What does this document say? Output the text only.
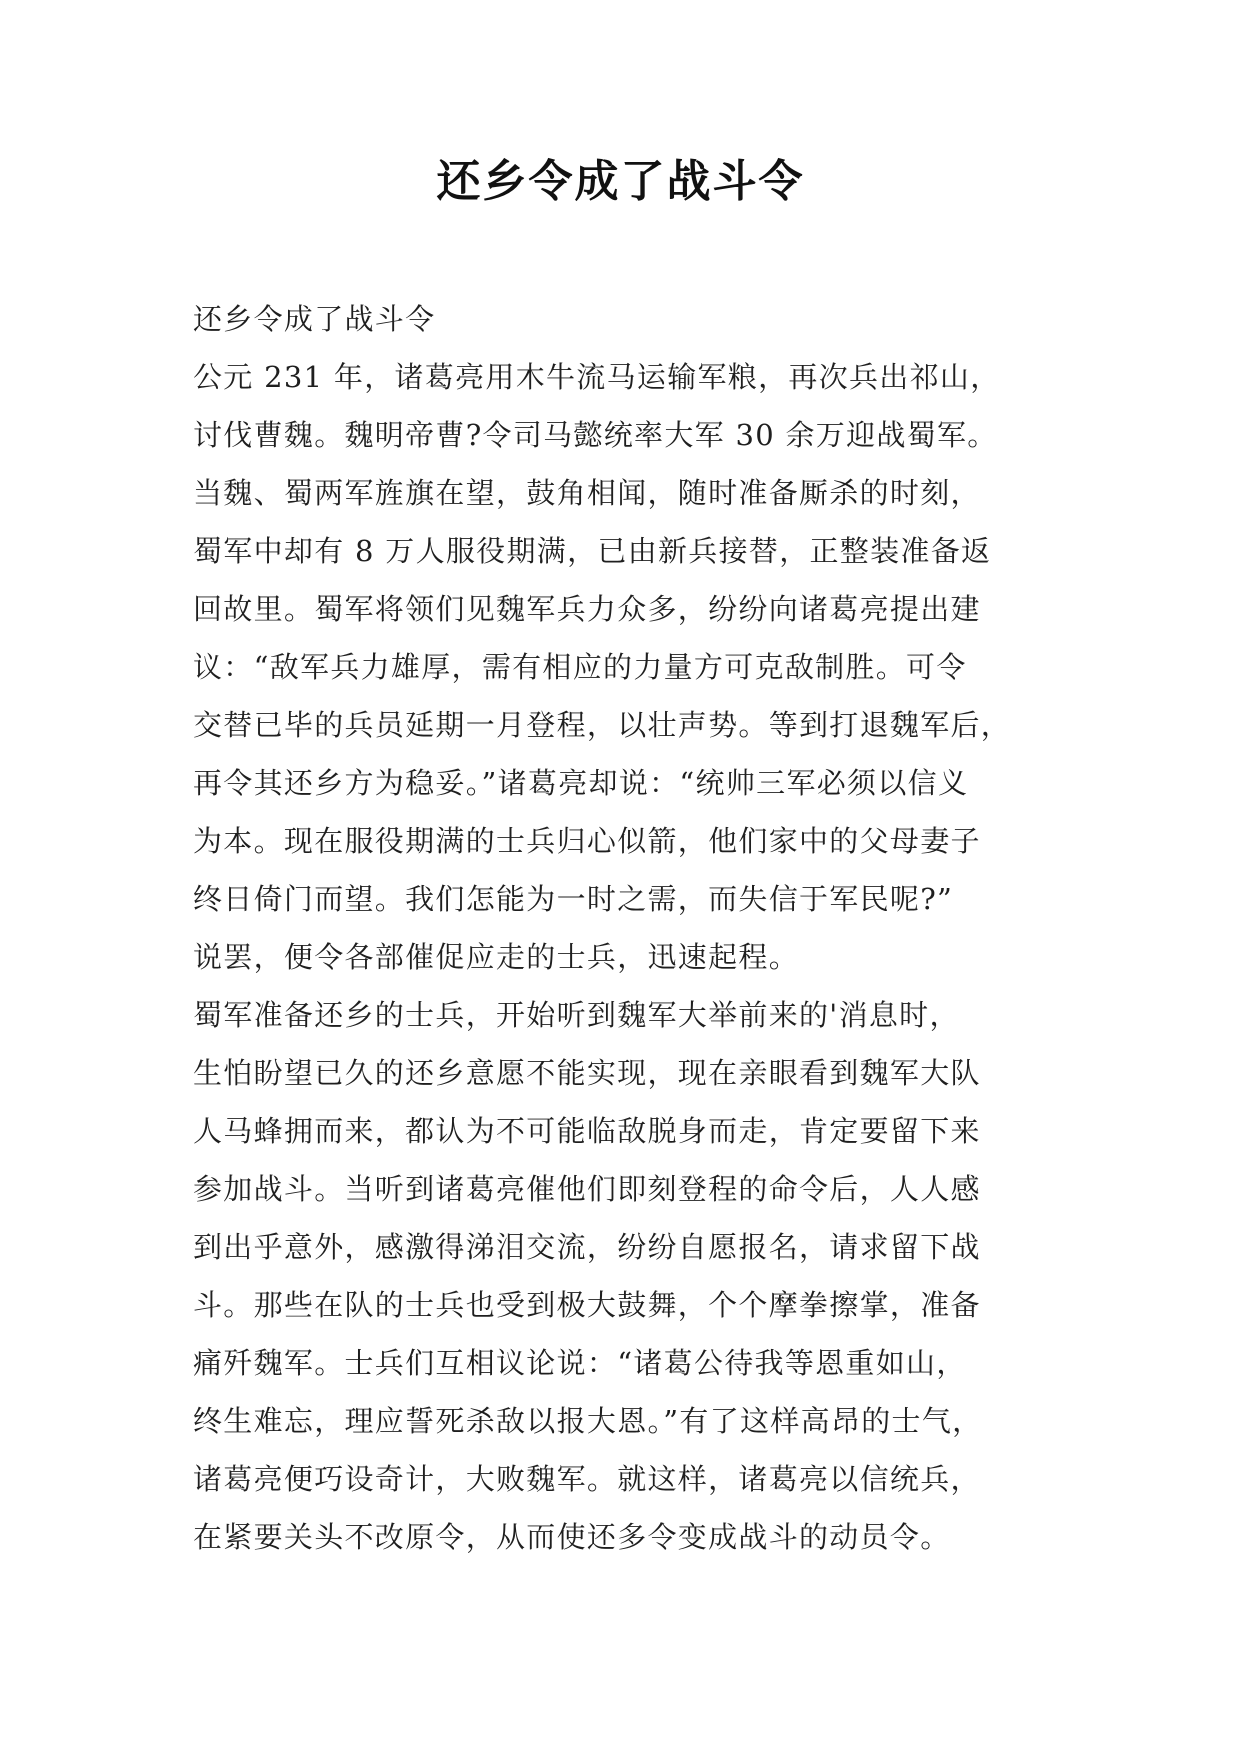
还乡令成了战斗令
还乡令成了战斗令
公元 231 年，诸葛亮用木牛流马运输军粮，再次兵出祁山，
讨伐曹魏。魏明帝曹?令司马懿统率大军 30 余万迎战蜀军。
当魏、蜀两军旌旗在望，鼓角相闻，随时准备厮杀的时刻，
蜀军中却有 8 万人服役期满，已由新兵接替，正整装准备返
回故里。蜀军将领们见魏军兵力众多，纷纷向诸葛亮提出建
议：“敌军兵力雄厚，需有相应的力量方可克敌制胜。可令
交替已毕的兵员延期一月登程，以壮声势。等到打退魏军后，
再令其还乡方为稳妥。”诸葛亮却说：“统帅三军必须以信义
为本。现在服役期满的士兵归心似箭，他们家中的父母妻子
终日倚门而望。我们怎能为一时之需，而失信于军民呢?”
说罢，便令各部催促应走的士兵，迅速起程。
蜀军准备还乡的士兵，开始听到魏军大举前来的'消息时，
生怕盼望已久的还乡意愿不能实现，现在亲眼看到魏军大队
人马蜂拥而来，都认为不可能临敌脱身而走，肯定要留下来
参加战斗。当听到诸葛亮催他们即刻登程的命令后，人人感
到出乎意外，感激得涕泪交流，纷纷自愿报名，请求留下战
斗。那些在队的士兵也受到极大鼓舞，个个摩拳擦掌，准备
痛歼魏军。士兵们互相议论说：“诸葛公待我等恩重如山，
终生难忘，理应誓死杀敌以报大恩。”有了这样高昂的士气，
诸葛亮便巧设奇计，大败魏军。就这样，诸葛亮以信统兵，
在紧要关头不改原令，从而使还多令变成战斗的动员令。
